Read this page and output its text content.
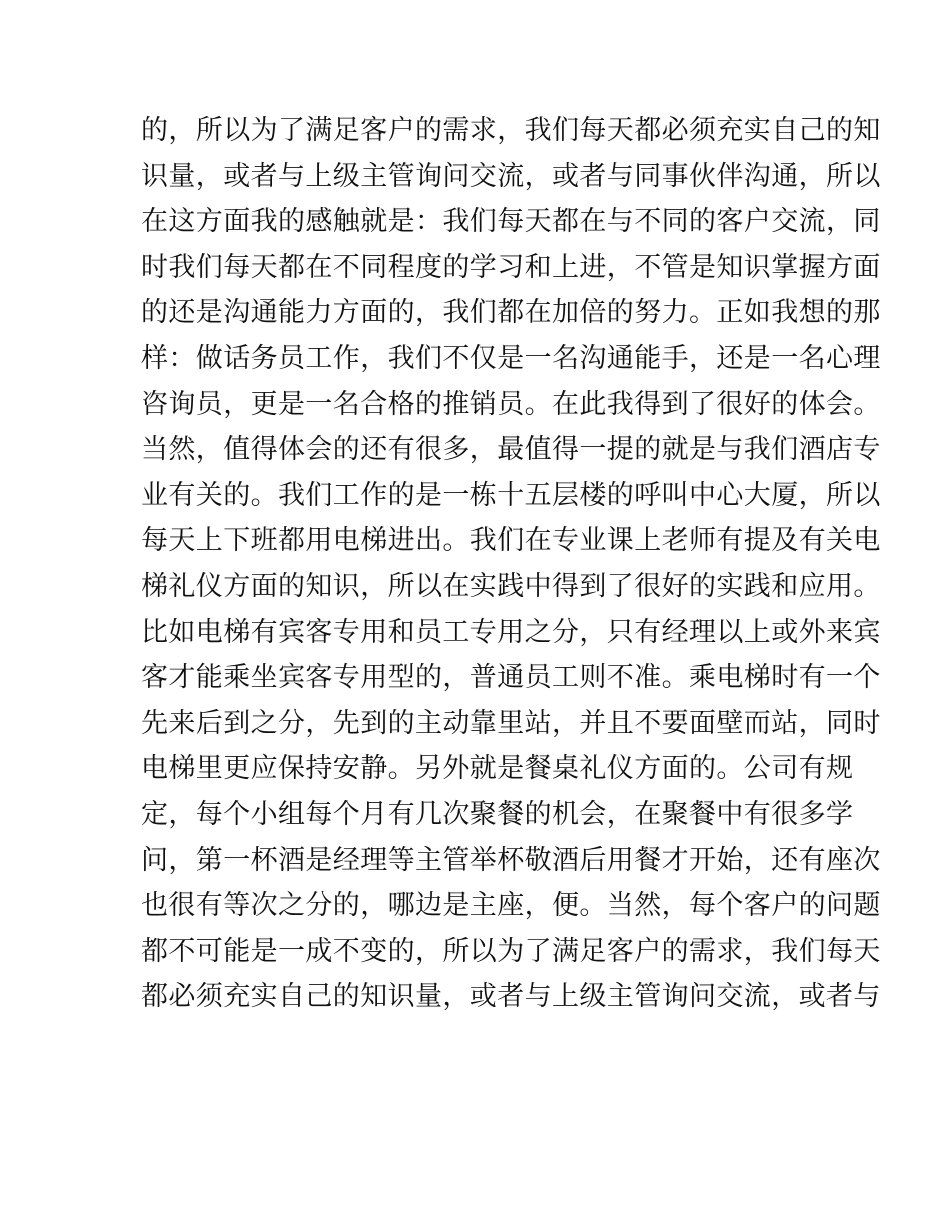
的，所以为了满足客户的需求，我们每天都必须充实自己的知
识量，或者与上级主管询问交流，或者与同事伙伴沟通，所以
在这方面我的感触就是：我们每天都在与不同的客户交流，同
时我们每天都在不同程度的学习和上进，不管是知识掌握方面
的还是沟通能力方面的，我们都在加倍的努力。正如我想的那
样：做话务员工作，我们不仅是一名沟通能手，还是一名心理
咨询员，更是一名合格的推销员。在此我得到了很好的体会。
当然，值得体会的还有很多，最值得一提的就是与我们酒店专
业有关的。我们工作的是一栋十五层楼的呼叫中心大厦，所以
每天上下班都用电梯进出。我们在专业课上老师有提及有关电
梯礼仪方面的知识，所以在实践中得到了很好的实践和应用。
比如电梯有宾客专用和员工专用之分，只有经理以上或外来宾
客才能乘坐宾客专用型的，普通员工则不准。乘电梯时有一个
先来后到之分，先到的主动靠里站，并且不要面壁而站，同时
电梯里更应保持安静。另外就是餐桌礼仪方面的。公司有规
定，每个小组每个月有几次聚餐的机会，在聚餐中有很多学
问，第一杯酒是经理等主管举杯敬酒后用餐才开始，还有座次
也很有等次之分的，哪边是主座，便。当然，每个客户的问题
都不可能是一成不变的，所以为了满足客户的需求，我们每天
都必须充实自己的知识量，或者与上级主管询问交流，或者与
